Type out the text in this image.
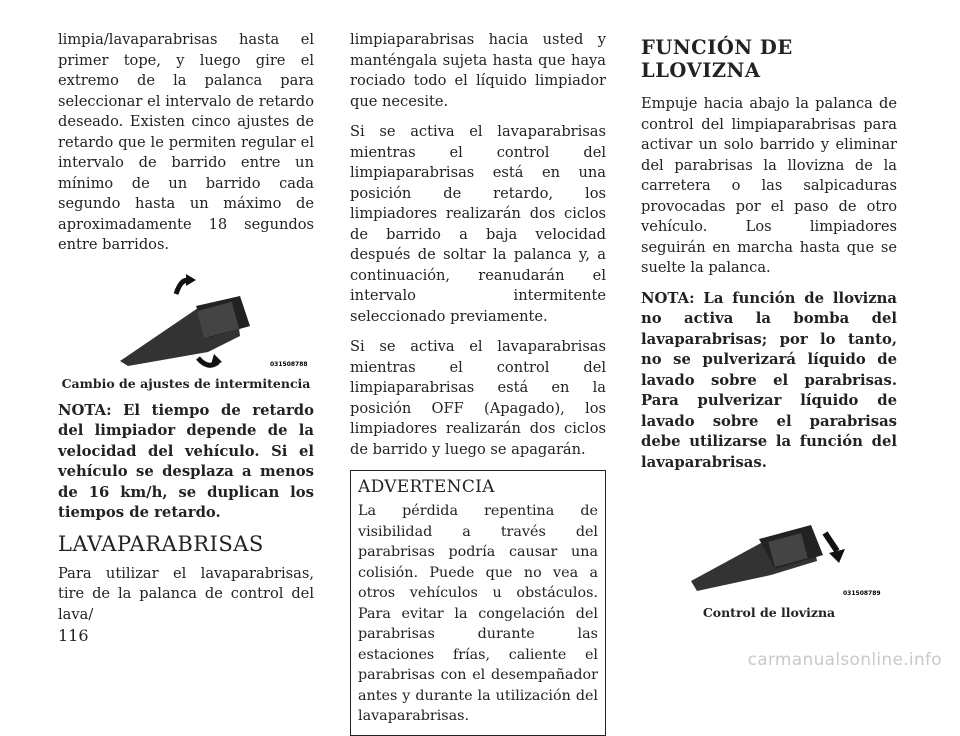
limpia/lavaparabrisas hasta el primer tope, y luego gire el extremo de la palanca para seleccionar el intervalo de retardo deseado. Existen cinco ajustes de retardo que le permiten regular el intervalo de barrido entre un mínimo de un barrido cada segundo hasta un máximo de aproximadamente 18 segundos entre barridos.

031508788
Cambio de ajustes de intermitencia

NOTA: El tiempo de retardo del limpiador depende de la velocidad del vehículo. Si el vehículo se desplaza a menos de 16 km/h, se duplican los tiempos de retardo.

LAVAPARABRISAS

Para utilizar el lavaparabrisas, tire de la palanca de control del lava/

limpiaparabrisas hacia usted y manténgala sujeta hasta que haya rociado todo el líquido limpiador que necesite.

Si se activa el lavaparabrisas mientras el control del limpiaparabrisas está en una posición de retardo, los limpiadores realizarán dos ciclos de barrido a baja velocidad después de soltar la palanca y, a continuación, reanudarán el intervalo intermitente seleccionado previamente.

Si se activa el lavaparabrisas mientras el control del limpiaparabrisas está en la posición OFF (Apagado), los limpiadores realizarán dos ciclos de barrido y luego se apagarán.

ADVERTENCIA

La pérdida repentina de visibilidad a través del parabrisas podría causar una colisión. Puede que no vea a otros vehículos u obstáculos. Para evitar la congelación del parabrisas durante las estaciones frías, caliente el parabrisas con el desempañador antes y durante la utilización del lavaparabrisas.

FUNCIÓN DE LLOVIZNA

Empuje hacia abajo la palanca de control del limpiaparabrisas para activar un solo barrido y eliminar del parabrisas la llovizna de la carretera o las salpicaduras provocadas por el paso de otro vehículo. Los limpiadores seguirán en marcha hasta que se suelte la palanca.

NOTA: La función de llovizna no activa la bomba del lavaparabrisas; por lo tanto, no se pulverizará líquido de lavado sobre el parabrisas. Para pulverizar líquido de lavado sobre el parabrisas debe utilizarse la función del lavaparabrisas.

031508789
Control de llovizna
116
carmanualsonline.info
